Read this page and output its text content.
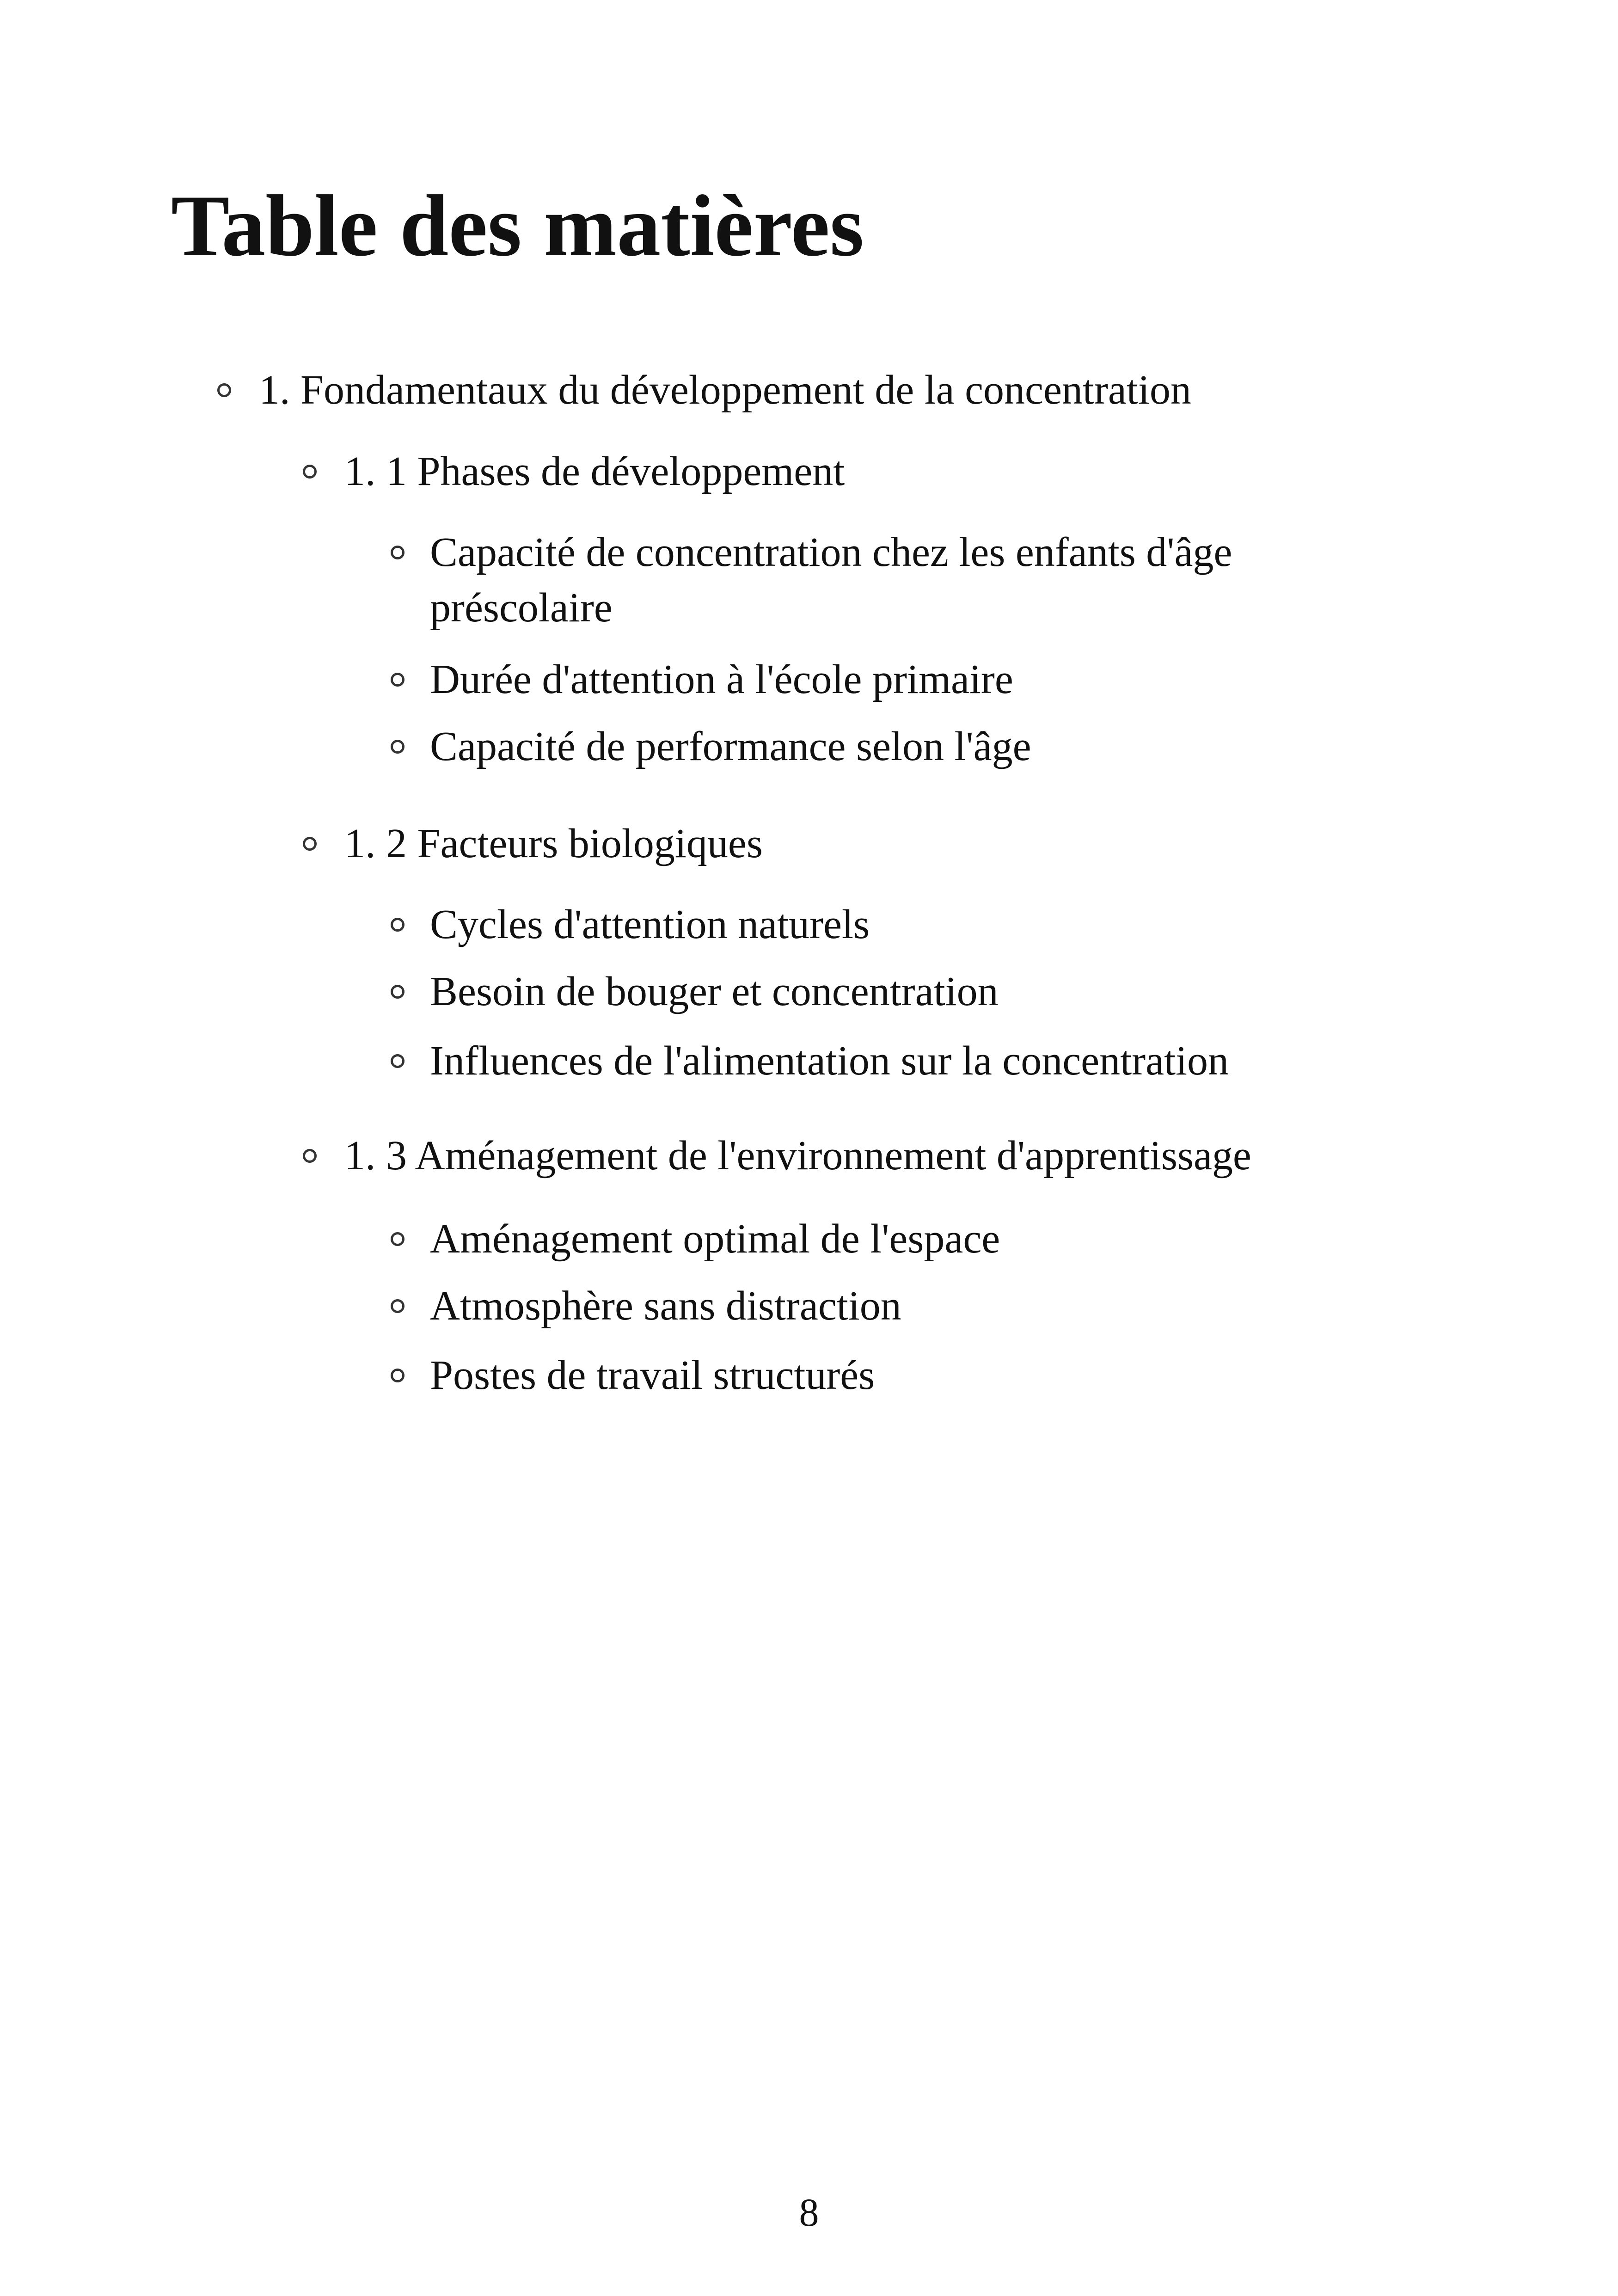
Table des matières
1. Fondamentaux du développement de la concentration
1. 1 Phases de développement
Capacité de concentration chez les enfants d'âge
préscolaire
Durée d'attention à l'école primaire
Capacité de performance selon l'âge
1. 2 Facteurs biologiques
Cycles d'attention naturels
Besoin de bouger et concentration
Influences de l'alimentation sur la concentration
1. 3 Aménagement de l'environnement d'apprentissage
Aménagement optimal de l'espace
Atmosphère sans distraction
Postes de travail structurés
8
